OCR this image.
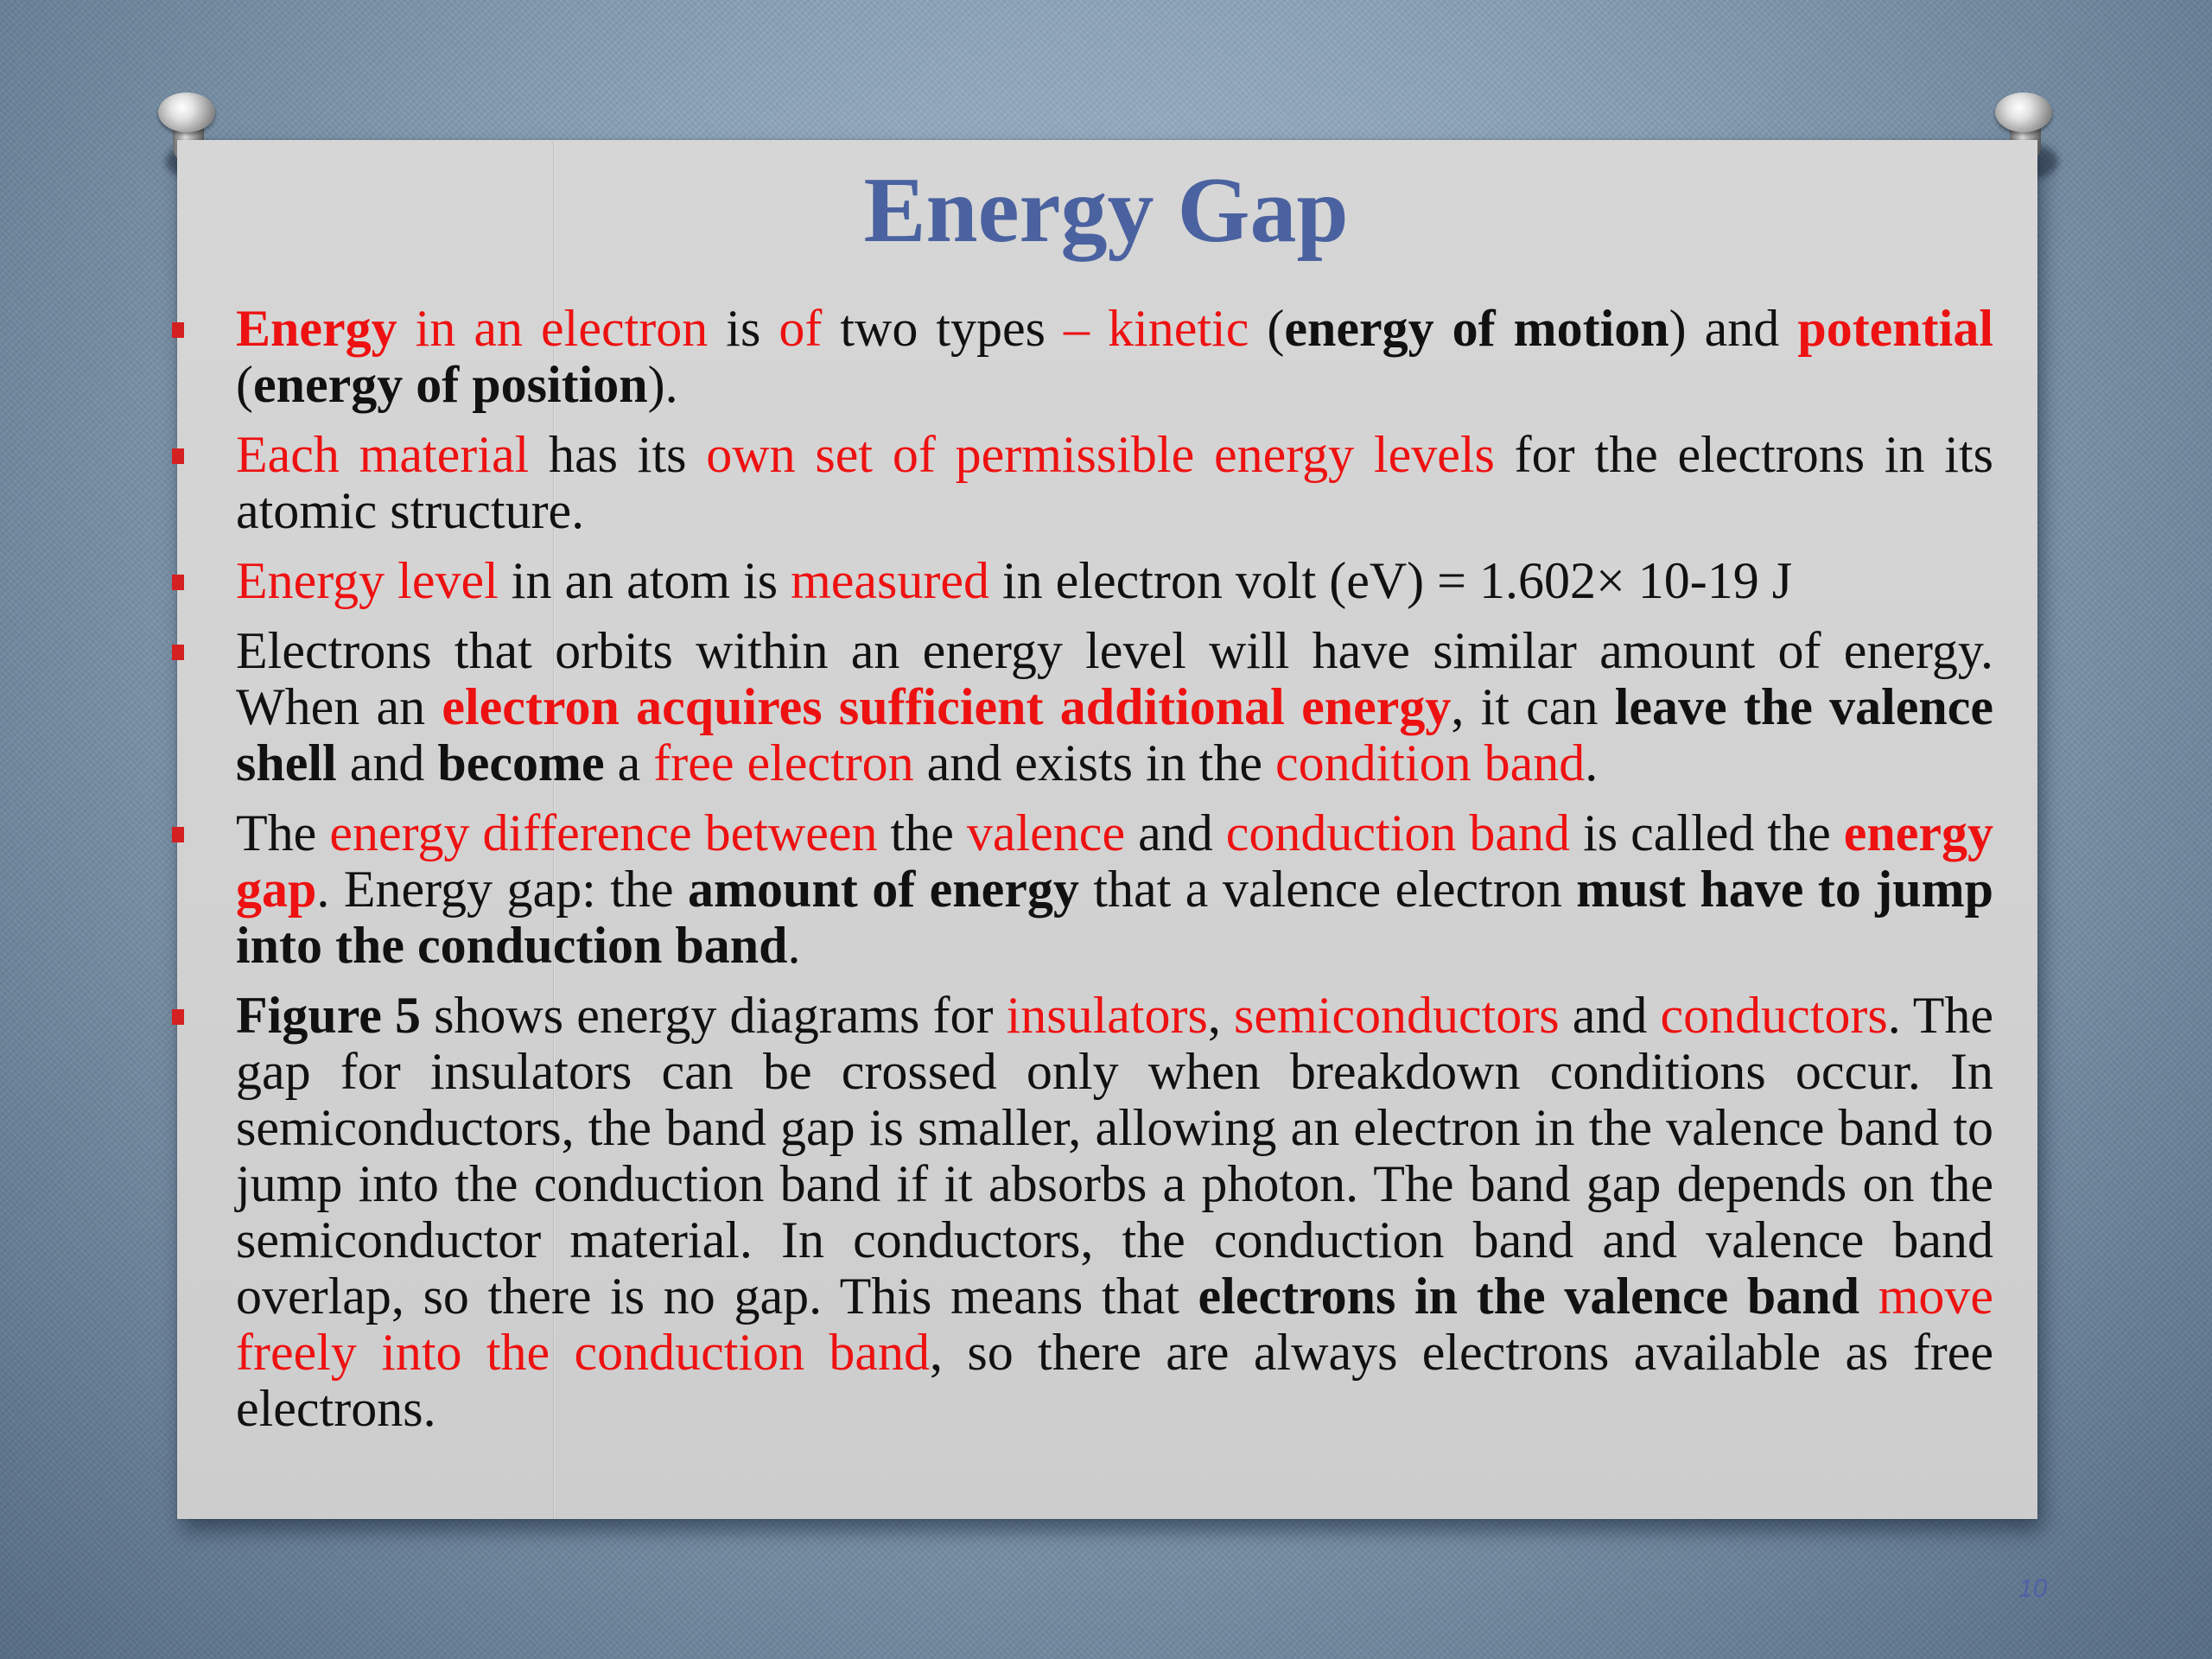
Energy Gap
Energy in an electron is of two types – kinetic (energy of motion) and potential (energy of position).
Each material has its own set of permissible energy levels for the electrons in its atomic structure.
Energy level in an atom is measured in electron volt (eV) = 1.602× 10-19 J
Electrons that orbits within an energy level will have similar amount of energy. When an electron acquires sufficient additional energy, it can leave the valence shell and become a free electron and exists in the condition band.
The energy difference between the valence and conduction band is called the energy gap. Energy gap: the amount of energy that a valence electron must have to jump into the conduction band.
Figure 5 shows energy diagrams for insulators, semiconductors and conductors. The gap for insulators can be crossed only when breakdown conditions occur. In semiconductors, the band gap is smaller, allowing an electron in the valence band to jump into the conduction band if it absorbs a photon. The band gap depends on the semiconductor material. In conductors, the conduction band and valence band overlap, so there is no gap. This means that electrons in the valence band move freely into the conduction band, so there are always electrons available as free electrons.
10
